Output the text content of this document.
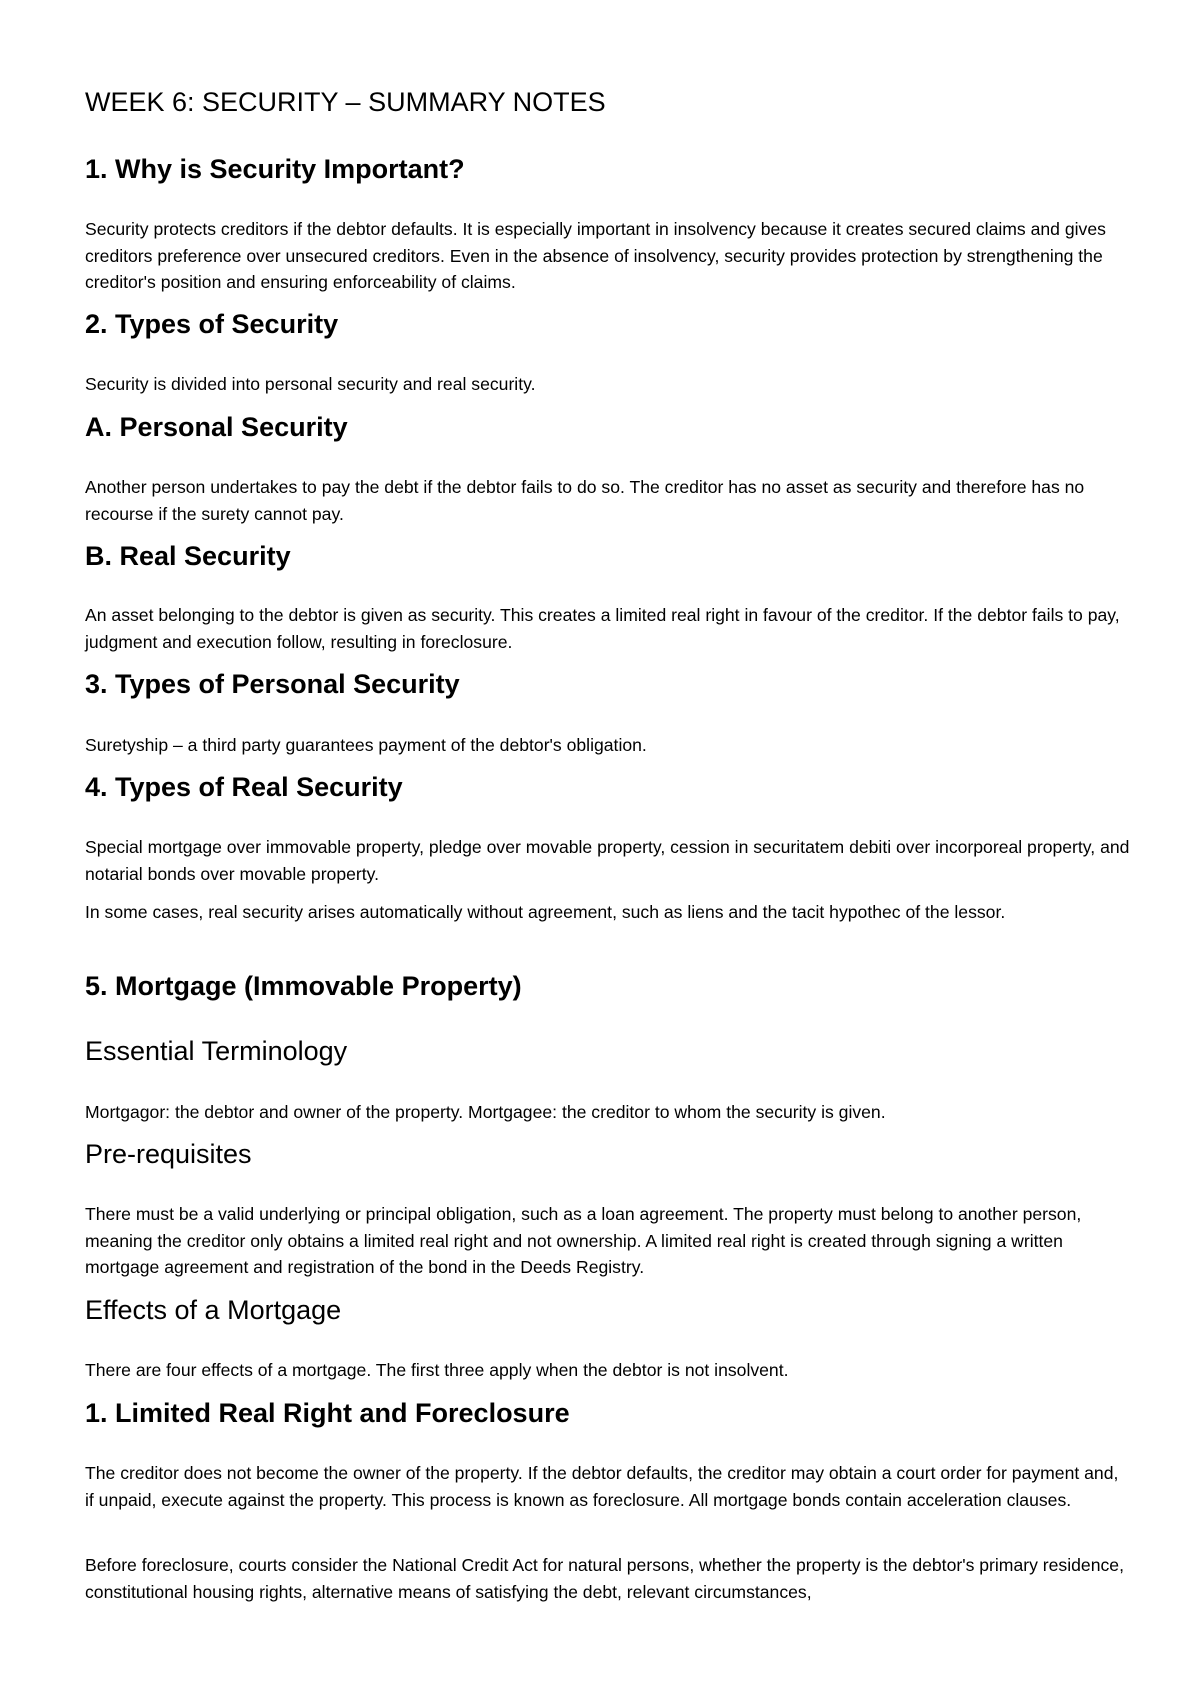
WEEK 6: SECURITY – SUMMARY NOTES
1. Why is Security Important?

Security protects creditors if the debtor defaults. It is especially important in insolvency because it creates secured claims and gives creditors preference over unsecured creditors. Even in the absence of insolvency, security provides protection by strengthening the creditor's position and ensuring enforceability of claims.

2. Types of Security

Security is divided into personal security and real security.

A. Personal Security

Another person undertakes to pay the debt if the debtor fails to do so. The creditor has no asset as security and therefore has no recourse if the surety cannot pay.

B. Real Security

An asset belonging to the debtor is given as security. This creates a limited real right in favour of the creditor. If the debtor fails to pay, judgment and execution follow, resulting in foreclosure.

3. Types of Personal Security

Suretyship – a third party guarantees payment of the debtor's obligation.

4. Types of Real Security

Special mortgage over immovable property, pledge over movable property, cession in securitatem debiti over incorporeal property, and notarial bonds over movable property.

In some cases, real security arises automatically without agreement, such as liens and the tacit hypothec of the lessor.

5. Mortgage (Immovable Property)
Essential Terminology

Mortgagor: the debtor and owner of the property. Mortgagee: the creditor to whom the security is given.

Pre-requisites

There must be a valid underlying or principal obligation, such as a loan agreement. The property must belong to another person, meaning the creditor only obtains a limited real right and not ownership. A limited real right is created through signing a written mortgage agreement and registration of the bond in the Deeds Registry.

Effects of a Mortgage

There are four effects of a mortgage. The first three apply when the debtor is not insolvent.

1. Limited Real Right and Foreclosure

The creditor does not become the owner of the property. If the debtor defaults, the creditor may obtain a court order for payment and, if unpaid, execute against the property. This process is known as foreclosure. All mortgage bonds contain acceleration clauses.

Before foreclosure, courts consider the National Credit Act for natural persons, whether the property is the debtor's primary residence, constitutional housing rights, alternative means of satisfying the debt, relevant circumstances,
